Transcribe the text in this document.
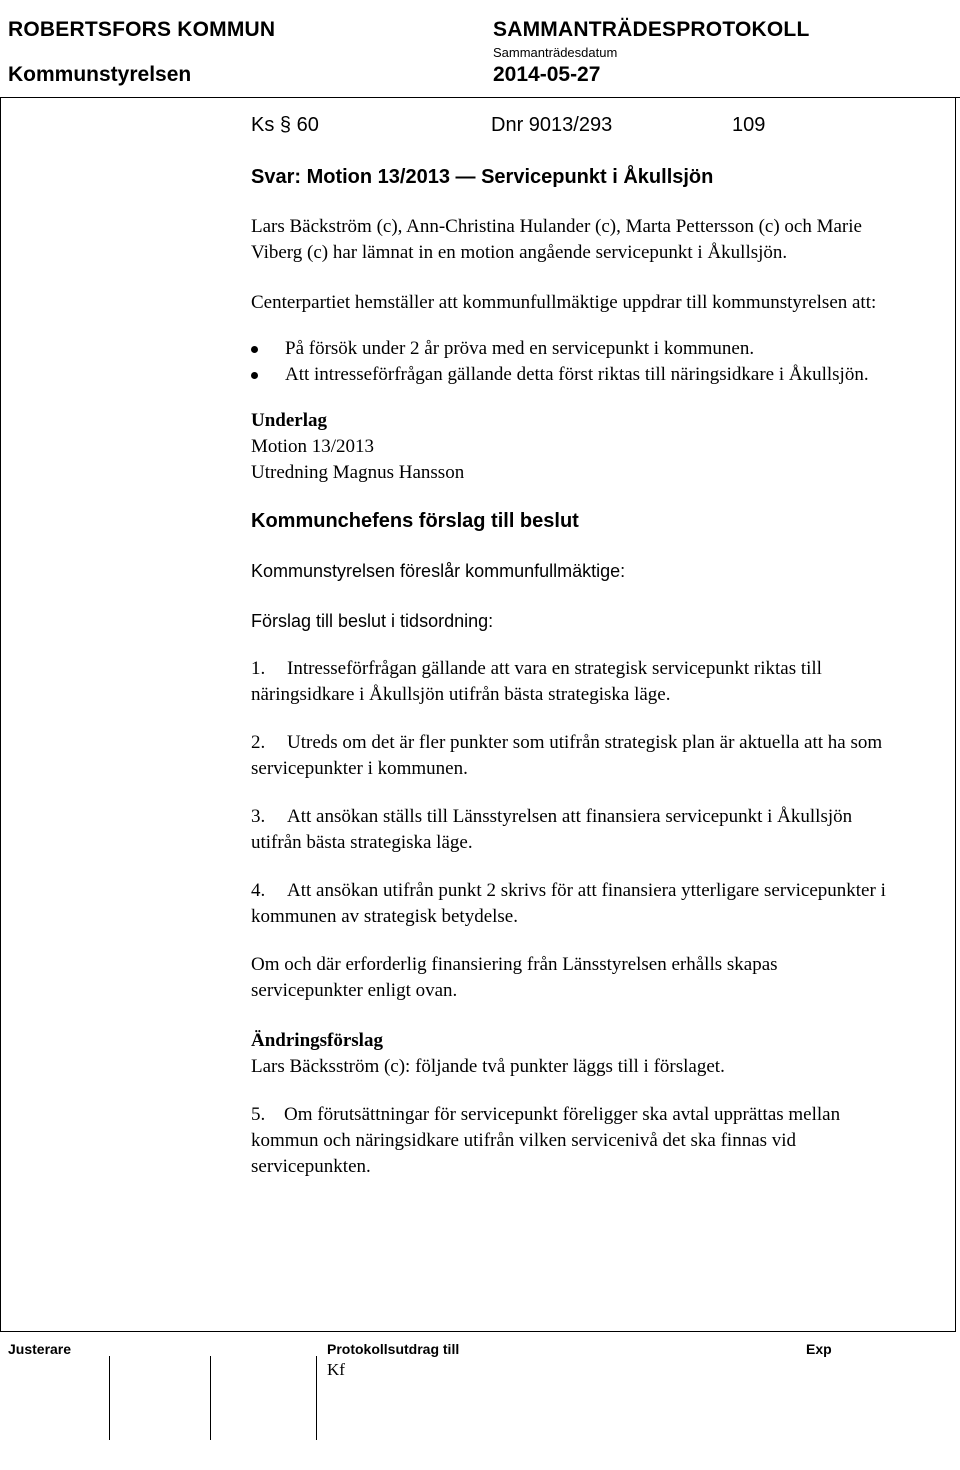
ROBERTSFORS KOMMUN
Kommunstyrelsen
SAMMANTRÄDESPROTOKOLL
Sammanträdesdatum
2014-05-27
Ks § 60	Dnr 9013/293	109
Svar: Motion 13/2013 — Servicepunkt i Åkullsjön

Lars Bäckström (c), Ann-Christina Hulander (c), Marta Pettersson (c) och Marie Viberg (c) har lämnat in en motion angående servicepunkt i Åkullsjön.

Centerpartiet hemställer att kommunfullmäktige uppdrar till kommunstyrelsen att:

På försök under 2 år pröva med en servicepunkt i kommunen.
Att intresseförfrågan gällande detta först riktas till näringsidkare i Åkullsjön.

Underlag

Motion 13/2013

Utredning Magnus Hansson

Kommunchefens förslag till beslut

Kommunstyrelsen föreslår kommunfullmäktige:

Förslag till beslut i tidsordning:

1. Intresseförfrågan gällande att vara en strategisk servicepunkt riktas till näringsidkare i Åkullsjön utifrån bästa strategiska läge.

2. Utreds om det är fler punkter som utifrån strategisk plan är aktuella att ha som servicepunkter i kommunen.

3. Att ansökan ställs till Länsstyrelsen att finansiera servicepunkt i Åkullsjön utifrån bästa strategiska läge.

4. Att ansökan utifrån punkt 2 skrivs för att finansiera ytterligare servicepunkter i kommunen av strategisk betydelse.

Om och där erforderlig finansiering från Länsstyrelsen erhålls skapas servicepunkter enligt ovan.

Ändringsförslag

Lars Bäcksström (c): följande två punkter läggs till i förslaget.

5. Om förutsättningar för servicepunkt föreligger ska avtal upprättas mellan kommun och näringsidkare utifrån vilken servicenivå det ska finnas vid servicepunkten.

Justerare	Protokollsutdrag till	Exp
Kf
